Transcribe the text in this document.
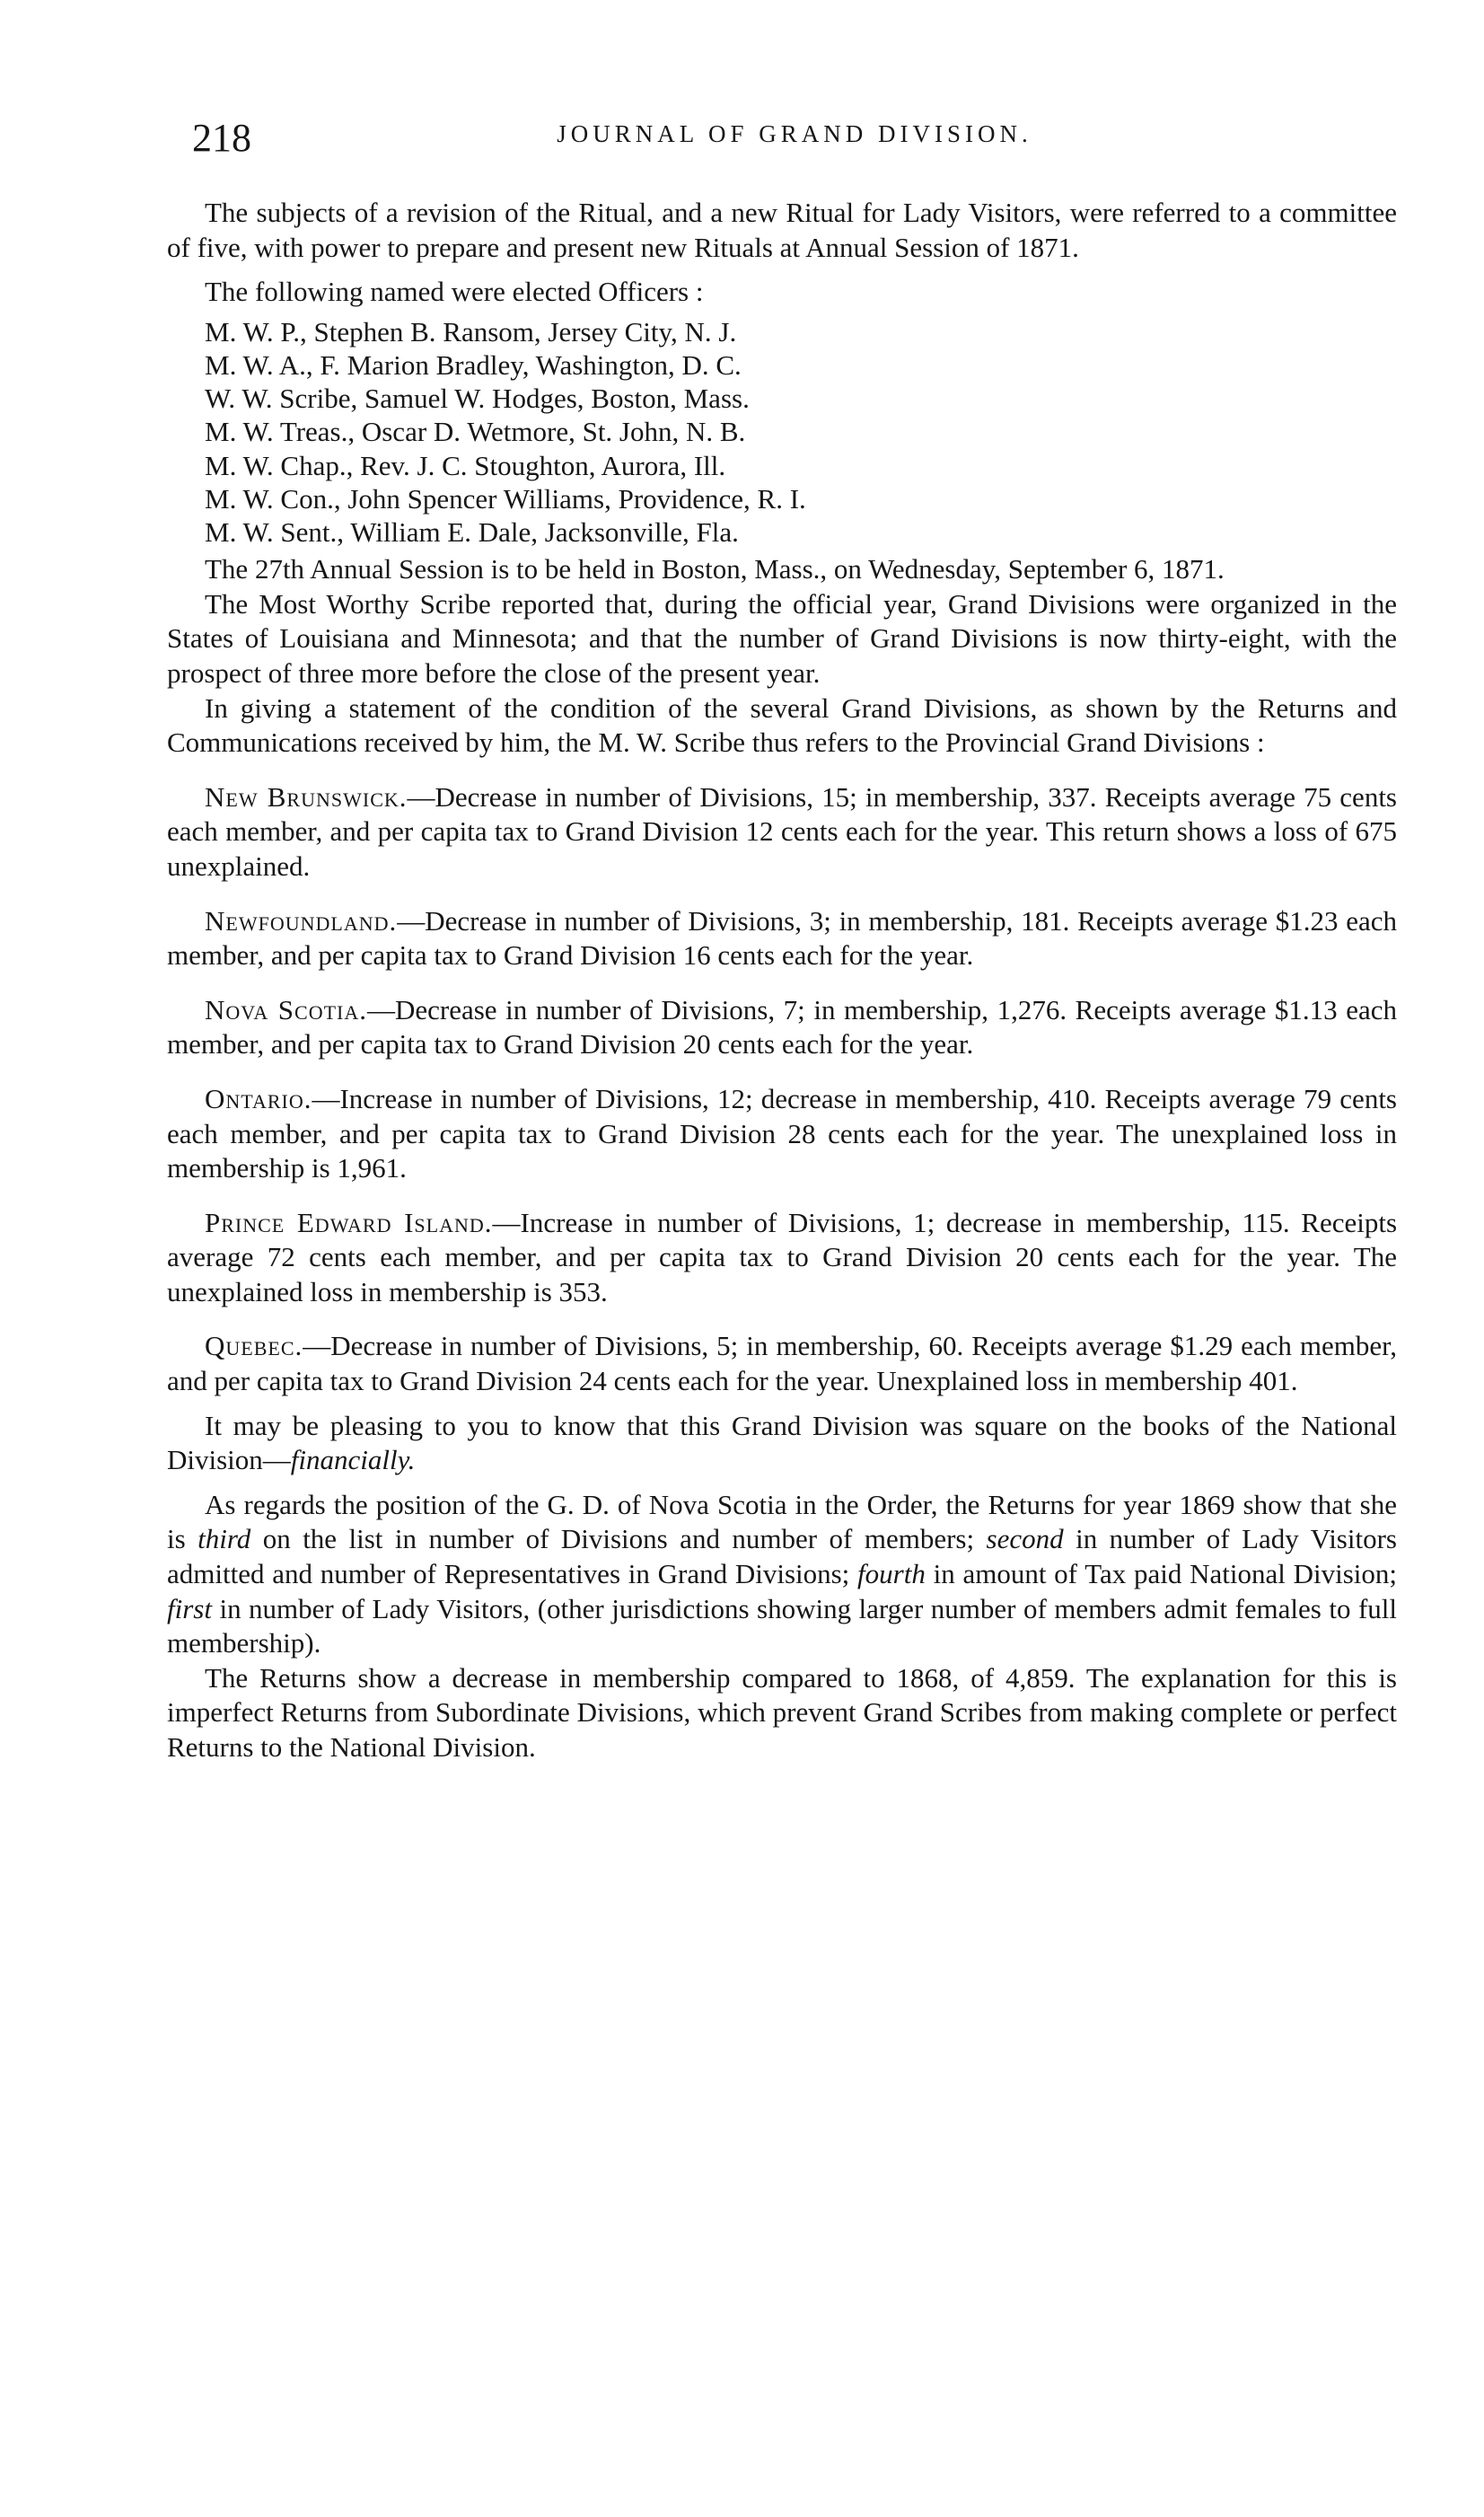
218	JOURNAL OF GRAND DIVISION.

The subjects of a revision of the Ritual, and a new Ritual for Lady Visitors, were referred to a committee of five, with power to prepare and present new Rituals at Annual Session of 1871.

The following named were elected Officers :

M. W. P., Stephen B. Ransom, Jersey City, N. J.
M. W. A., F. Marion Bradley, Washington, D. C.
W. W. Scribe, Samuel W. Hodges, Boston, Mass.
M. W. Treas., Oscar D. Wetmore, St. John, N. B.
M. W. Chap., Rev. J. C. Stoughton, Aurora, Ill.
M. W. Con., John Spencer Williams, Providence, R. I.
M. W. Sent., William E. Dale, Jacksonville, Fla.

The 27th Annual Session is to be held in Boston, Mass., on Wednesday, September 6, 1871.

The Most Worthy Scribe reported that, during the official year, Grand Divisions were organized in the States of Louisiana and Minnesota; and that the number of Grand Divisions is now thirty-eight, with the prospect of three more before the close of the present year.

In giving a statement of the condition of the several Grand Divisions, as shown by the Returns and Communications received by him, the M. W. Scribe thus refers to the Provincial Grand Divisions :

New Brunswick.—Decrease in number of Divisions, 15; in membership, 337. Receipts average 75 cents each member, and per capita tax to Grand Division 12 cents each for the year. This return shows a loss of 675 unexplained.

Newfoundland.—Decrease in number of Divisions, 3; in membership, 181. Receipts average $1.23 each member, and per capita tax to Grand Division 16 cents each for the year.

Nova Scotia.—Decrease in number of Divisions, 7; in membership, 1,276. Receipts average $1.13 each member, and per capita tax to Grand Division 20 cents each for the year.

Ontario.—Increase in number of Divisions, 12; decrease in membership, 410. Receipts average 79 cents each member, and per capita tax to Grand Division 28 cents each for the year. The unexplained loss in membership is 1,961.

Prince Edward Island.—Increase in number of Divisions, 1; decrease in membership, 115. Receipts average 72 cents each member, and per capita tax to Grand Division 20 cents each for the year. The unexplained loss in membership is 353.

Quebec.—Decrease in number of Divisions, 5; in membership, 60. Receipts average $1.29 each member, and per capita tax to Grand Division 24 cents each for the year. Unexplained loss in membership 401.

It may be pleasing to you to know that this Grand Division was square on the books of the National Division—financially.

As regards the position of the G. D. of Nova Scotia in the Order, the Returns for year 1869 show that she is third on the list in number of Divisions and number of members; second in number of Lady Visitors admitted and number of Representatives in Grand Divisions; fourth in amount of Tax paid National Division; first in number of Lady Visitors, (other jurisdictions showing larger number of members admit females to full membership).

The Returns show a decrease in membership compared to 1868, of 4,859. The explanation for this is imperfect Returns from Subordinate Divisions, which prevent Grand Scribes from making complete or perfect Returns to the National Division.
